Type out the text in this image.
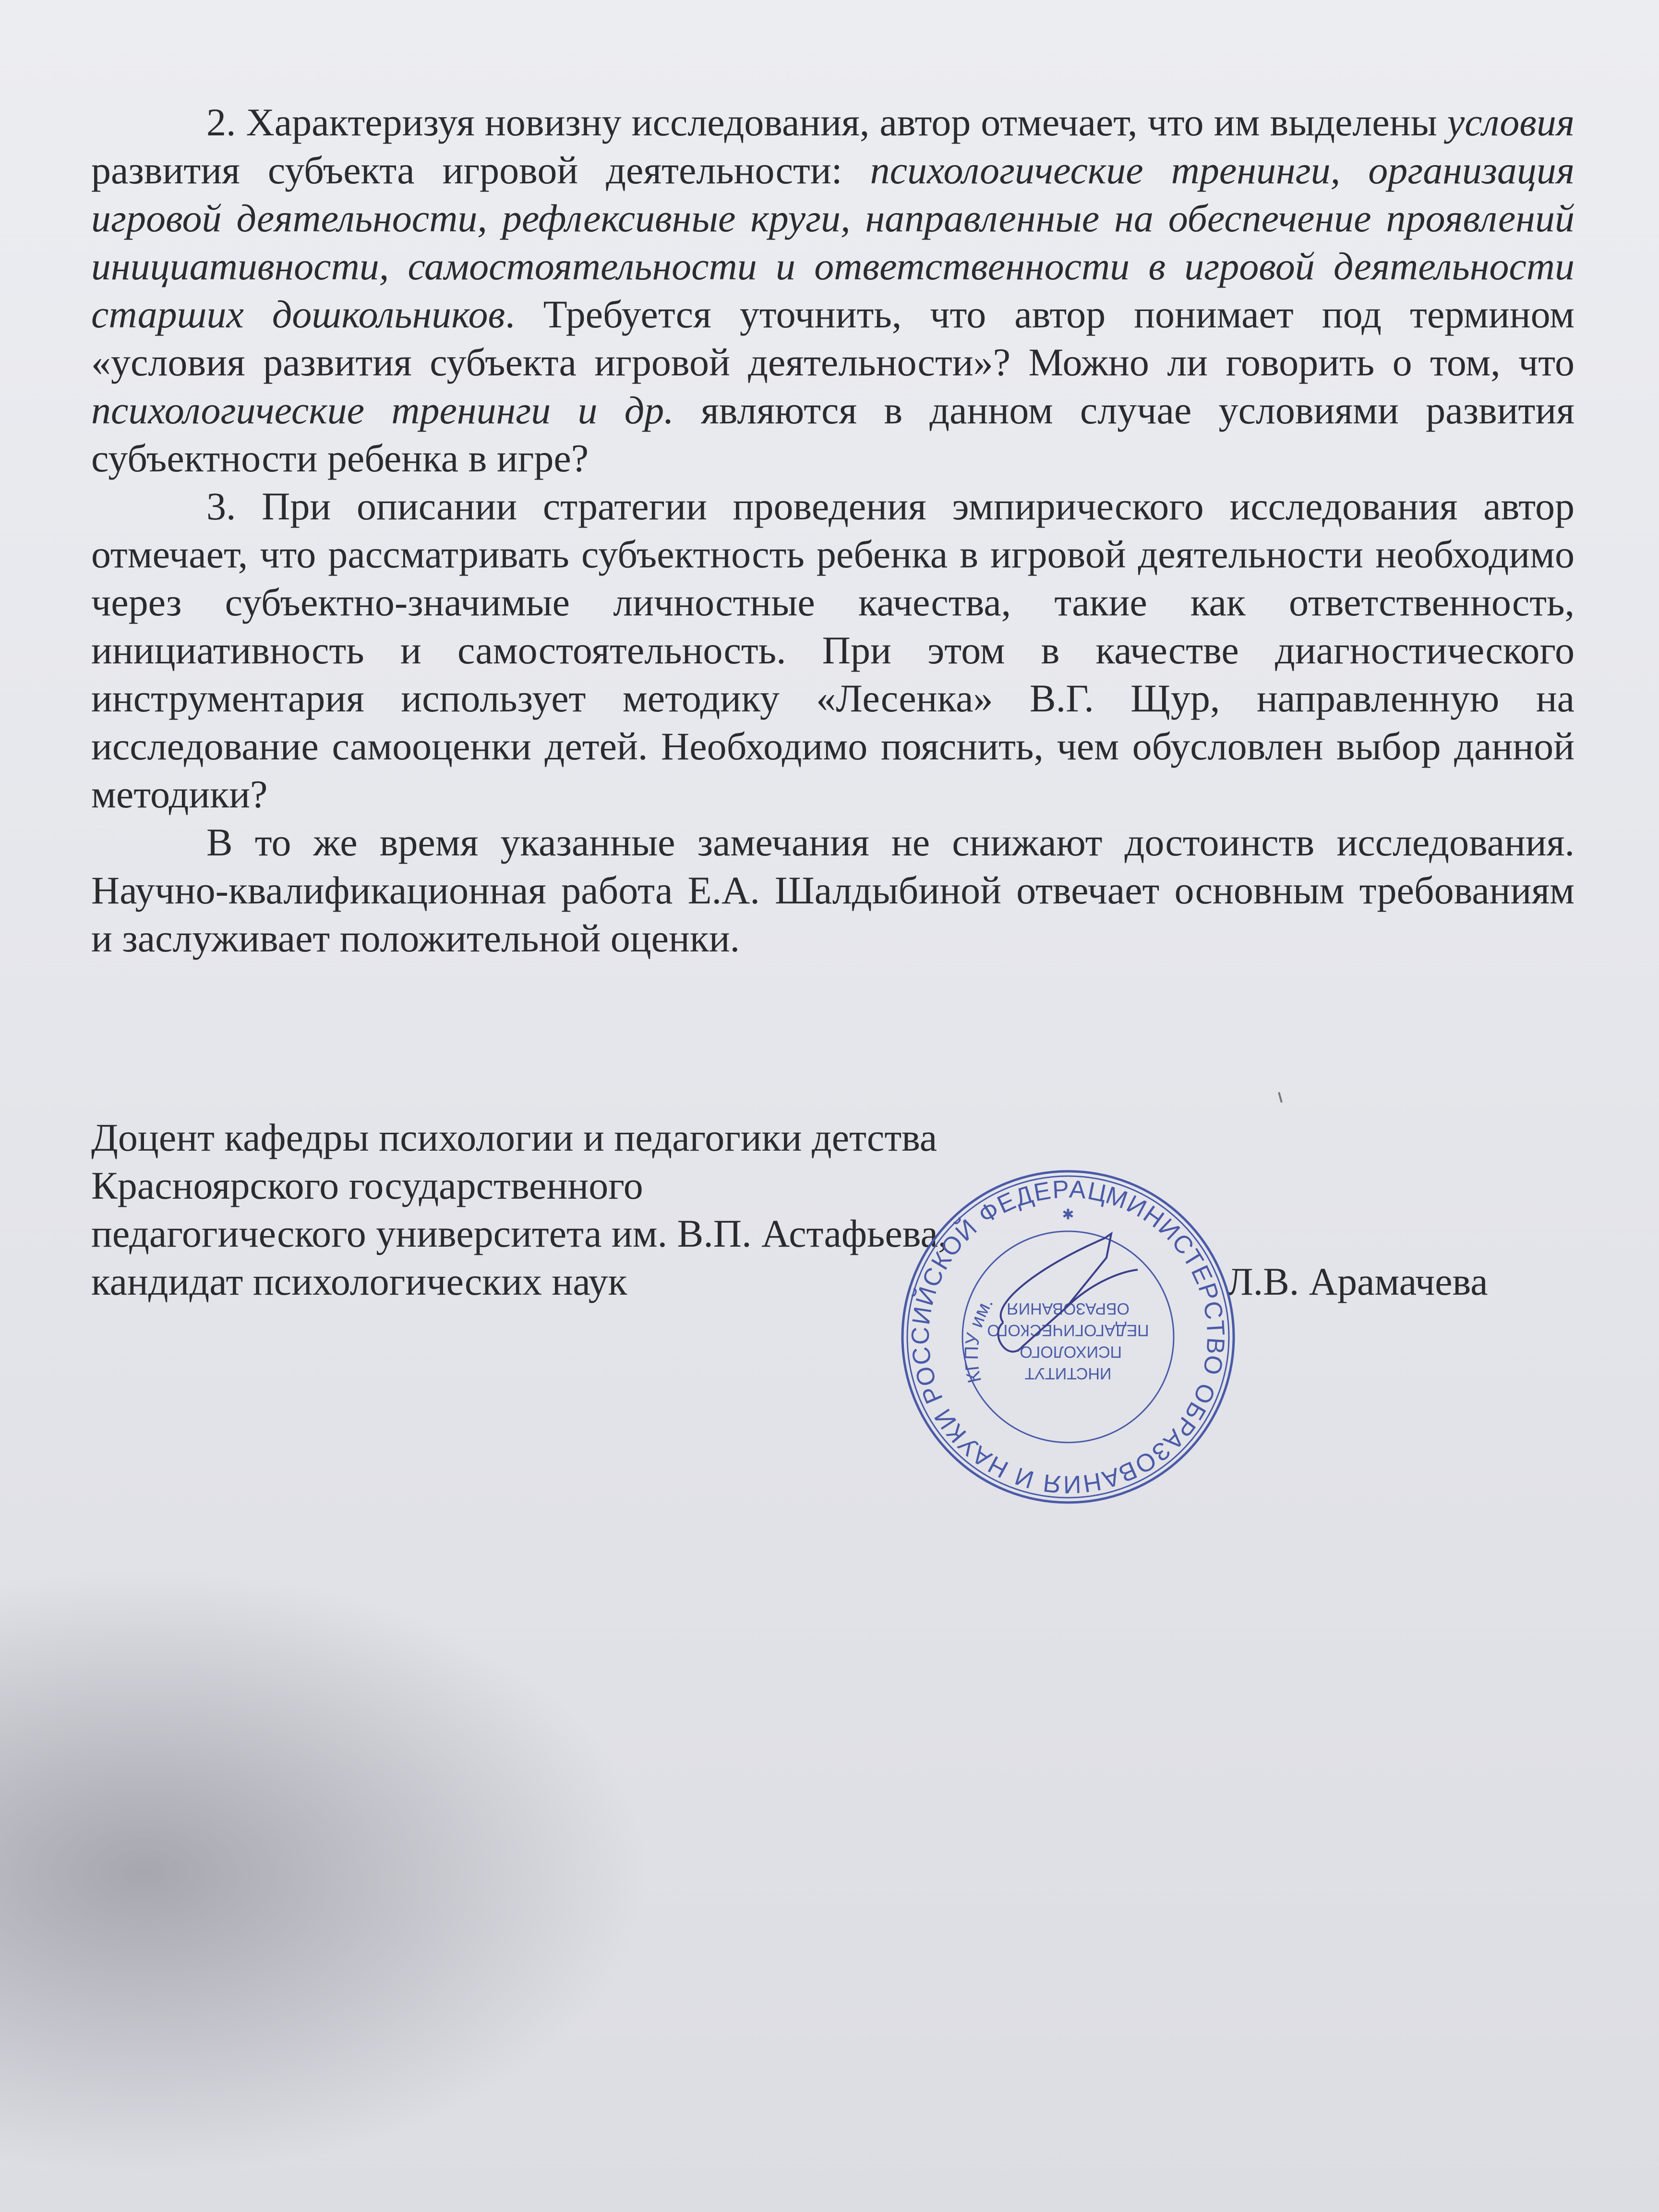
2. Характеризуя новизну исследования, автор отмечает, что им выделены условия развития субъекта игровой деятельности: психологические тренинги, организация игровой деятельности, рефлексивные круги, направленные на обеспечение проявлений инициативности, самостоятельности и ответственности в игровой деятельности старших дошкольников. Требуется уточнить, что автор понимает под термином «условия развития субъекта игровой деятельности»? Можно ли говорить о том, что психологические тренинги и др. являются в данном случае условиями развития субъектности ребенка в игре?

3. При описании стратегии проведения эмпирического исследования автор отмечает, что рассматривать субъектность ребенка в игровой деятельности необходимо через субъектно-значимые личностные качества, такие как ответственность, инициативность и самостоятельность. При этом в качестве диагностического инструментария использует методику «Лесенка» В.Г. Щур, направленную на исследование самооценки детей. Необходимо пояснить, чем обусловлен выбор данной методики?

В то же время указанные замечания не снижают достоинств исследования. Научно-квалификационная работа Е.А. Шалдыбиной отвечает основным требованиям и заслуживает положительной оценки.

Доцент кафедры психологии и педагогики детства
Красноярского государственного
педагогического университета им. В.П. Астафьева,
кандидат психологических наук	Л.В. Арамачева
МИНИСТЕРСТВО ОБРАЗОВАНИЯ И НАУКИ РОССИЙСКОЙ ФЕДЕРАЦИИ
КГПУ им.
ИНСТИТУТ
ПСИХОЛОГО-
ПЕДАГОГИЧЕСКОГО
ОБРАЗОВАНИЯ
✱
